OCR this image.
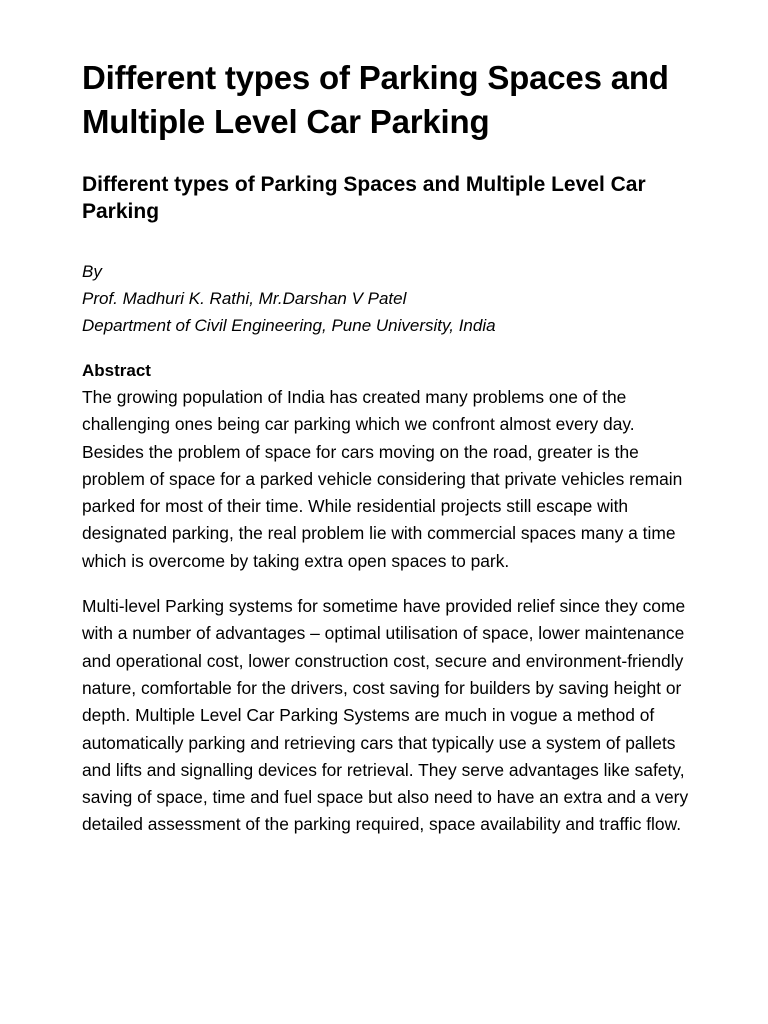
Different types of Parking Spaces and Multiple Level Car Parking
Different types of Parking Spaces and Multiple Level Car Parking
By
Prof. Madhuri K. Rathi, Mr.Darshan V Patel
Department of Civil Engineering, Pune University, India
Abstract

The growing population of India has created many problems one of the challenging ones being car parking which we confront almost every day. Besides the problem of space for cars moving on the road, greater is the problem of space for a parked vehicle considering that private vehicles remain parked for most of their time. While residential projects still escape with designated parking, the real problem lie with commercial spaces many a time which is overcome by taking extra open spaces to park.

Multi-level Parking systems for sometime have provided relief since they come with a number of advantages – optimal utilisation of space, lower maintenance and operational cost, lower construction cost, secure and environment-friendly nature, comfortable for the drivers, cost saving for builders by saving height or depth. Multiple Level Car Parking Systems are much in vogue a method of automatically parking and retrieving cars that typically use a system of pallets and lifts and signalling devices for retrieval. They serve advantages like safety, saving of space, time and fuel space but also need to have an extra and a very detailed assessment of the parking required, space availability and traffic flow.
